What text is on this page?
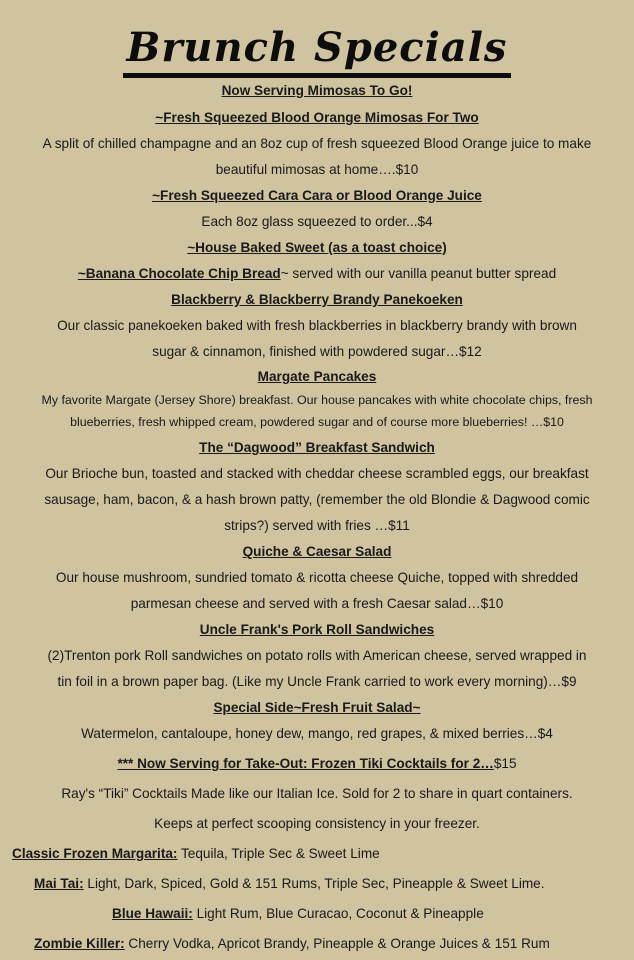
Brunch Specials
Now Serving Mimosas To Go!
~Fresh Squeezed Blood Orange Mimosas For Two
A split of chilled champagne and an 8oz cup of fresh squeezed Blood Orange juice to make
beautiful mimosas at home….$10
~Fresh Squeezed Cara Cara or Blood Orange Juice
Each 8oz glass squeezed to order...$4
~House Baked Sweet (as a toast choice)
~Banana Chocolate Chip Bread~ served with our vanilla peanut butter spread
Blackberry & Blackberry Brandy Panekoeken
Our classic panekoeken baked with fresh blackberries in blackberry brandy with brown
sugar & cinnamon, finished with powdered sugar…$12
Margate Pancakes
My favorite Margate (Jersey Shore) breakfast. Our house pancakes with white chocolate chips, fresh
blueberries, fresh whipped cream, powdered sugar and of course more blueberries! …$10
The “Dagwood” Breakfast Sandwich
Our Brioche bun, toasted and stacked with cheddar cheese scrambled eggs, our breakfast
sausage, ham, bacon, & a hash brown patty, (remember the old Blondie & Dagwood comic
strips?) served with fries …$11
Quiche & Caesar Salad
Our house mushroom, sundried tomato & ricotta cheese Quiche, topped with shredded
parmesan cheese and served with a fresh Caesar salad…$10
Uncle Frank's Pork Roll Sandwiches
(2)Trenton pork Roll sandwiches on potato rolls with American cheese, served wrapped in
tin foil in a brown paper bag. (Like my Uncle Frank carried to work every morning)…$9
Special Side~Fresh Fruit Salad~
Watermelon, cantaloupe, honey dew, mango, red grapes, & mixed berries…$4
*** Now Serving for Take-Out: Frozen Tiki Cocktails for 2…$15
Ray's “Tiki” Cocktails Made like our Italian Ice. Sold for 2 to share in quart containers.
Keeps at perfect scooping consistency in your freezer.
Classic Frozen Margarita: Tequila, Triple Sec & Sweet Lime
Mai Tai: Light, Dark, Spiced, Gold & 151 Rums, Triple Sec, Pineapple & Sweet Lime.
Blue Hawaii: Light Rum, Blue Curacao, Coconut & Pineapple
Zombie Killer: Cherry Vodka, Apricot Brandy, Pineapple & Orange Juices & 151 Rum
